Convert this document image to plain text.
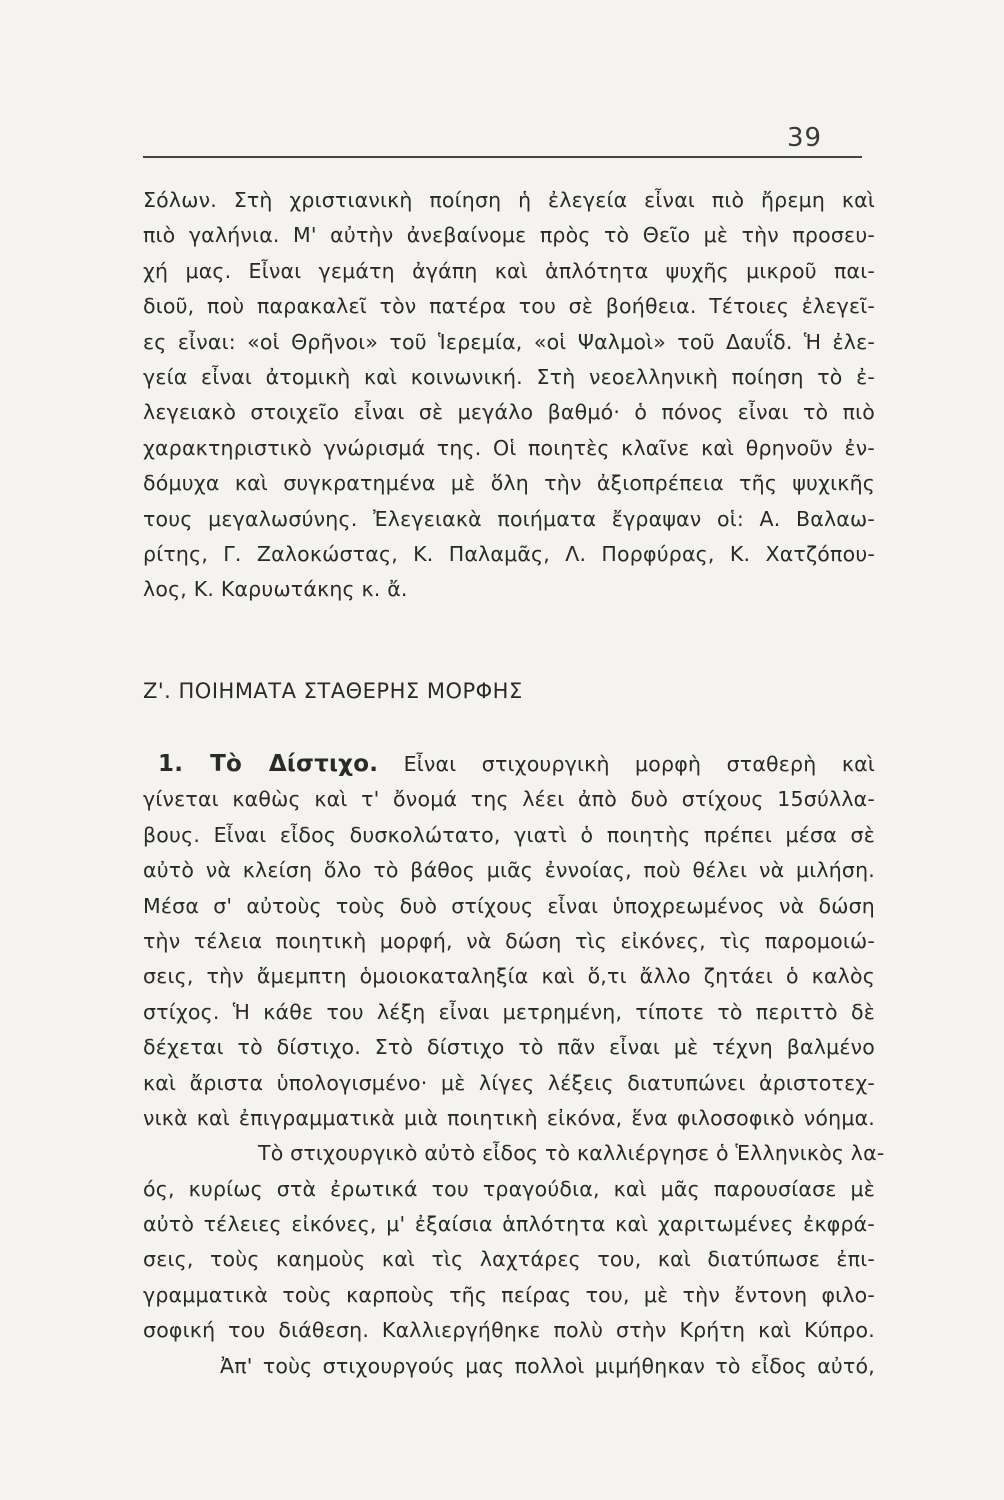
39
Σόλων. Στὴ χριστιανικὴ ποίηση ἡ ἐλεγεία εἶναι πιὸ ἤρεμη καὶ
πιὸ γαλήνια. Μ' αὐτὴν ἀνεβαίνομε πρὸς τὸ Θεῖο μὲ τὴν προσευ-
χή μας. Εἶναι γεμάτη ἀγάπη καὶ ἁπλότητα ψυχῆς μικροῦ παι-
διοῦ, ποὺ παρακαλεῖ τὸν πατέρα του σὲ βοήθεια. Τέτοιες ἐλεγεῖ-
ες εἶναι: «οἱ Θρῆνοι» τοῦ Ἱερεμία, «οἱ Ψαλμοὶ» τοῦ Δαυΐδ. Ἡ ἐλε-
γεία εἶναι ἀτομικὴ καὶ κοινωνική. Στὴ νεοελληνικὴ ποίηση τὸ ἐ-
λεγειακὸ στοιχεῖο εἶναι σὲ μεγάλο βαθμό· ὁ πόνος εἶναι τὸ πιὸ
χαρακτηριστικὸ γνώρισμά της. Οἱ ποιητὲς κλαῖνε καὶ θρηνοῦν ἐν-
δόμυχα καὶ συγκρατημένα μὲ ὅλη τὴν ἀξιοπρέπεια τῆς ψυχικῆς
τους μεγαλωσύνης. Ἐλεγειακὰ ποιήματα ἔγραψαν οἱ: Α. Βαλαω-
ρίτης, Γ. Ζαλοκώστας, Κ. Παλαμᾶς, Λ. Πορφύρας, Κ. Χατζόπου-
λος, Κ. Καρυωτάκης κ. ἄ.
Ζ'. ΠΟΙΗΜΑΤΑ ΣΤΑΘΕΡΗΣ ΜΟΡΦΗΣ
1. Τὸ Δίστιχο. Εἶναι στιχουργικὴ μορφὴ σταθερὴ καὶ
γίνεται καθὼς καὶ τ' ὄνομά της λέει ἀπὸ δυὸ στίχους 15σύλλα-
βους. Εἶναι εἶδος δυσκολώτατο, γιατὶ ὁ ποιητὴς πρέπει μέσα σὲ
αὐτὸ νὰ κλείση ὅλο τὸ βάθος μιᾶς ἐννοίας, ποὺ θέλει νὰ μιλήση.
Μέσα σ' αὐτοὺς τοὺς δυὸ στίχους εἶναι ὑποχρεωμένος νὰ δώση
τὴν τέλεια ποιητικὴ μορφή, νὰ δώση τὶς εἰκόνες, τὶς παρομοιώ-
σεις, τὴν ἄμεμπτη ὁμοιοκαταληξία καὶ ὅ,τι ἄλλο ζητάει ὁ καλὸς
στίχος. Ἡ κάθε του λέξη εἶναι μετρημένη, τίποτε τὸ περιττὸ δὲ
δέχεται τὸ δίστιχο. Στὸ δίστιχο τὸ πᾶν εἶναι μὲ τέχνη βαλμένο
καὶ ἄριστα ὑπολογισμένο· μὲ λίγες λέξεις διατυπώνει ἀριστοτεχ-
νικὰ καὶ ἐπιγραμματικὰ μιὰ ποιητικὴ εἰκόνα, ἕνα φιλοσοφικὸ νόημα.
Τὸ στιχουργικὸ αὐτὸ εἶδος τὸ καλλιέργησε ὁ Ἑλληνικὸς λα-
ός, κυρίως στὰ ἐρωτικά του τραγούδια, καὶ μᾶς παρουσίασε μὲ
αὐτὸ τέλειες εἰκόνες, μ' ἐξαίσια ἁπλότητα καὶ χαριτωμένες ἐκφρά-
σεις, τοὺς καημοὺς καὶ τὶς λαχτάρες του, καὶ διατύπωσε ἐπι-
γραμματικὰ τοὺς καρποὺς τῆς πείρας του, μὲ τὴν ἔντονη φιλο-
σοφική του διάθεση. Καλλιεργήθηκε πολὺ στὴν Κρήτη καὶ Κύπρο.
Ἀπ' τοὺς στιχουργούς μας πολλοὶ μιμήθηκαν τὸ εἶδος αὐτό,
